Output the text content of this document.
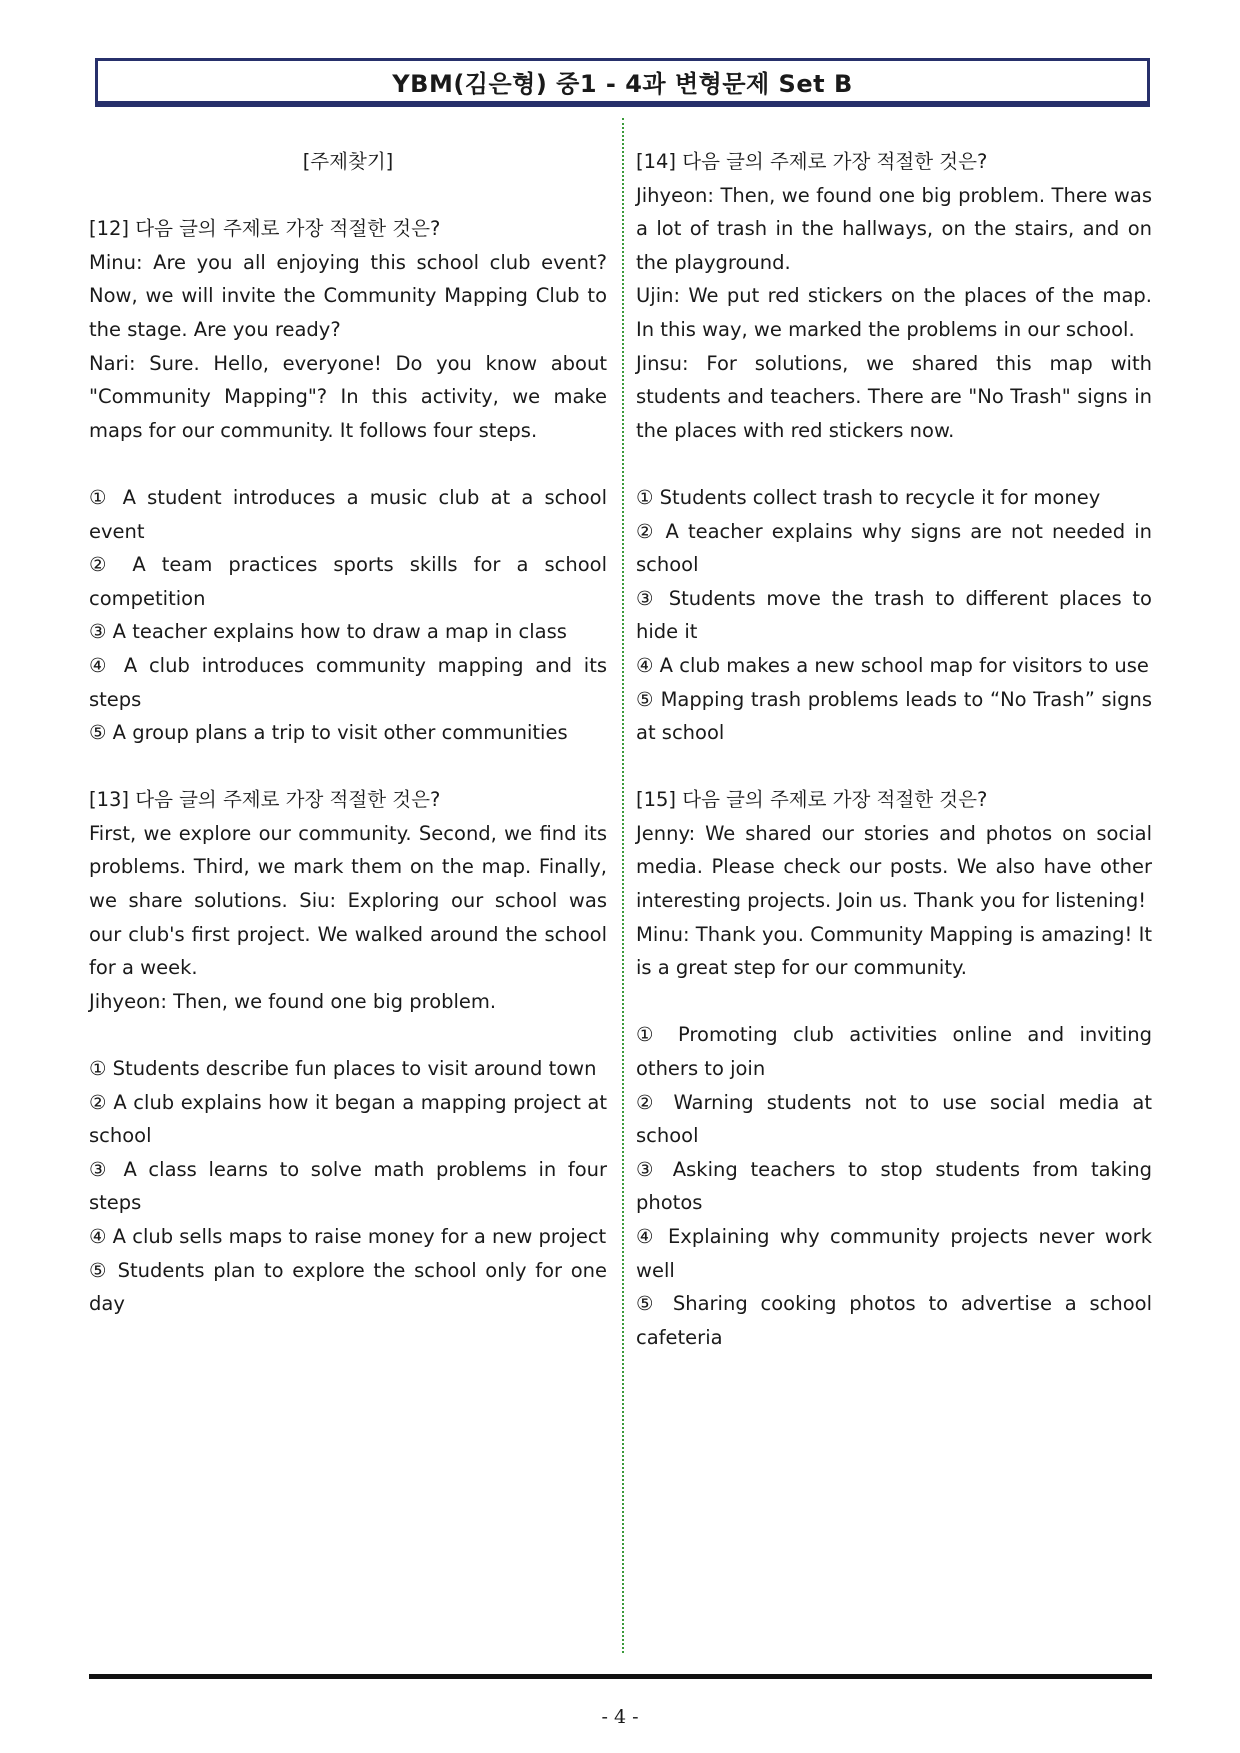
YBM(김은형) 중1 - 4과 변형문제 Set B

[주제찾기]

[12] 다음 글의 주제로 가장 적절한 것은?

Minu: Are you all enjoying this school club event? Now, we will invite the Community Mapping Club to the stage. Are you ready?

Nari: Sure. Hello, everyone! Do you know about "Community Mapping"? In this activity, we make maps for our community. It follows four steps.

① A student introduces a music club at a school event

② A team practices sports skills for a school competition

③ A teacher explains how to draw a map in class

④ A club introduces community mapping and its steps

⑤ A group plans a trip to visit other communities

[13] 다음 글의 주제로 가장 적절한 것은?

First, we explore our community. Second, we find its problems. Third, we mark them on the map. Finally, we share solutions. Siu: Exploring our school was our club's first project. We walked around the school for a week.

Jihyeon: Then, we found one big problem.

① Students describe fun places to visit around town

② A club explains how it began a mapping project at school

③ A class learns to solve math problems in four steps

④ A club sells maps to raise money for a new project

⑤ Students plan to explore the school only for one day

[14] 다음 글의 주제로 가장 적절한 것은?

Jihyeon: Then, we found one big problem. There was a lot of trash in the hallways, on the stairs, and on the playground.

Ujin: We put red stickers on the places of the map. In this way, we marked the problems in our school.

Jinsu: For solutions, we shared this map with students and teachers. There are "No Trash" signs in the places with red stickers now.

① Students collect trash to recycle it for money

② A teacher explains why signs are not needed in school

③ Students move the trash to different places to hide it

④ A club makes a new school map for visitors to use

⑤ Mapping trash problems leads to “No Trash” signs at school

[15] 다음 글의 주제로 가장 적절한 것은?

Jenny: We shared our stories and photos on social media. Please check our posts. We also have other interesting projects. Join us. Thank you for listening!

Minu: Thank you. Community Mapping is amazing! It is a great step for our community.

① Promoting club activities online and inviting others to join

② Warning students not to use social media at school

③ Asking teachers to stop students from taking photos

④ Explaining why community projects never work well

⑤ Sharing cooking photos to advertise a school cafeteria

- 4 -
